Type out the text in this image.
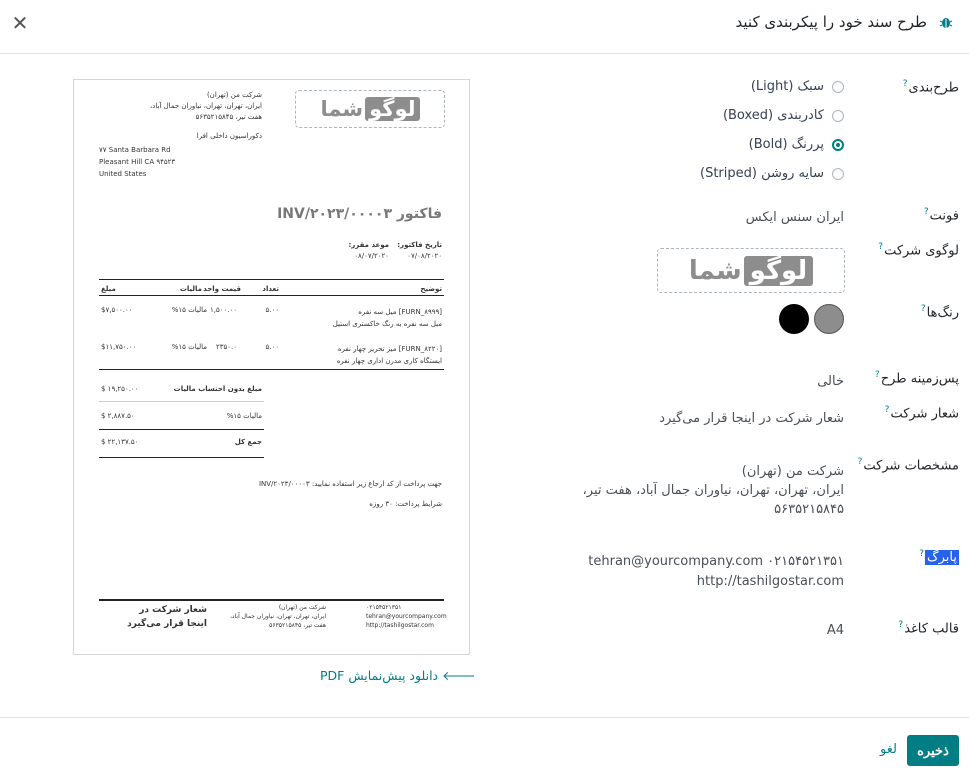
✕	طرح سند خود را پیکربندی کنید
طرح‌بندی?
سبک (Light)
کادربندی (Boxed)
پررنگ (Bold)
سایه روشن (Striped)
فونت?
ایران سنس ایکس
لوگوی شرکت?
شما لوگو
رنگ‌ها?
پس‌زمینه طرح?
خالی
شعار شرکت?
شعار شرکت در اینجا قرار می‌گیرد
مشخصات شرکت?
شرکت من (تهران)
ایران، تهران، تهران، نیاوران جمال آباد، هفت تیر،
۵۶۳۵۲۱۵۸۴۵
پابرگ?
tehran@yourcompany.com ۰۲۱۵۴۵۲۱۳۵۱
http://tashilgostar.com
قالب کاغذ?
A4
شرکت من (تهران)
ایران، تهران، تهران، نیاوران جمال آباد،
هفت تیر، ۵۶۳۵۲۱۵۸۴۵	شما لوگو
دکوراسیون داخلی افرا
۷۷ Santa Barbara Rd
Pleasant Hill CA ۹۴۵۲۳
United States
فاکتور INV/۲۰۲۳/۰۰۰۰۳
تاریخ فاکتور:
۰۷/۰۸/۲۰۲۰
موعد مقرر:
۰۸/۰۷/۲۰۲۰
توضیح
تعداد
قیمت واحد
مالیات
مبلغ
[FURN_۸۹۹۹] میل سه نفره
مبل سه نفره به رنگ خاکستری استیل
۵.۰۰
۱,۵۰۰.۰۰
مالیات ۱۵%
$۷,۵۰۰.۰۰
[FURN_۸۲۲۰] میز تحریر چهار نفره
ایستگاه کاری مدرن اداری چهار نفره
۵.۰۰
۲۳۵۰.۰
مالیات ۱۵%
$۱۱,۷۵۰.۰۰
مبلغ بدون احتساب مالیات
$ ۱۹,۲۵۰.۰۰
مالیات ۱۵%
$ ۲,۸۸۷.۵۰
جمع کل
$ ۲۲,۱۳۷.۵۰
جهت پرداخت از کد ارجاع زیر استفاده نمایید: INV/۲۰۲۳/۰۰۰۰۳
شرایط پرداخت: ۳۰ روزه
شعار شرکت در
اینجا قرار می‌گیرد
شرکت من (تهران)
ایران، تهران، تهران، نیاوران جمال آباد،
هفت تیر، ۵۶۳۵۲۱۵۸۴۵
۰۲۱۵۴۵۲۱۳۵۱
tehran@yourcompany.com
http://tashilgostar.com
🡐 دانلود پیش‌نمایش PDF
ذخیره
لغو
